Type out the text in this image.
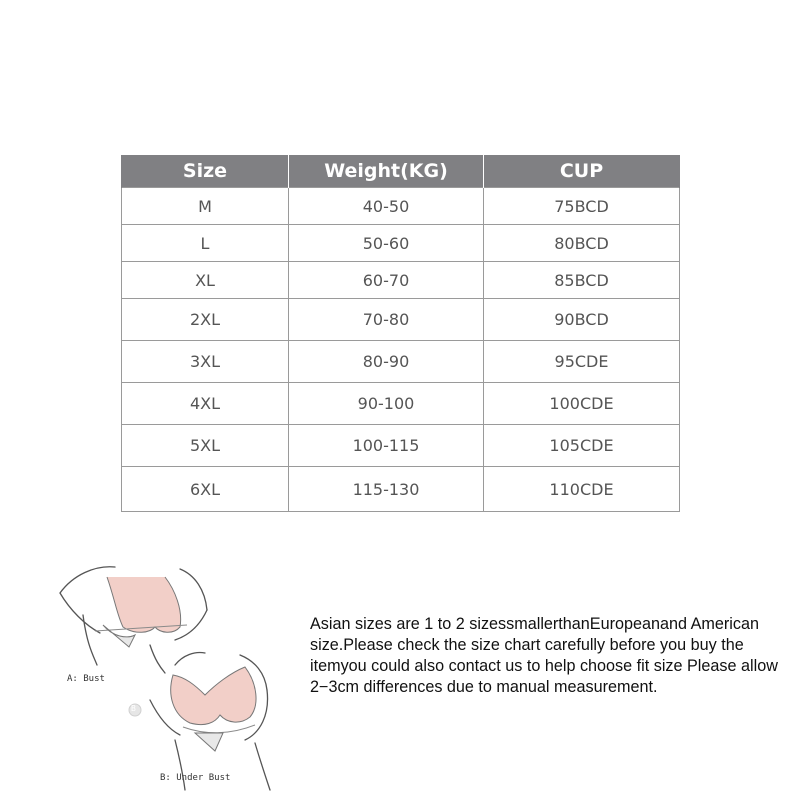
Size	Weight(KG)	CUP
M	40-50	75BCD
L	50-60	80BCD
XL	60-70	85BCD
2XL	70-80	90BCD
3XL	80-90	95CDE
4XL	90-100	100CDE
5XL	100-115	105CDE
6XL	115-130	110CDE
A: Bust
B: Under Bust
B

Asian sizes are 1 to 2 sizessmallerthanEuropeanand American size.Please check the size chart carefully before you buy the itemyou could also contact us to help choose fit size Please allow 2−3cm differences due to manual measurement.
